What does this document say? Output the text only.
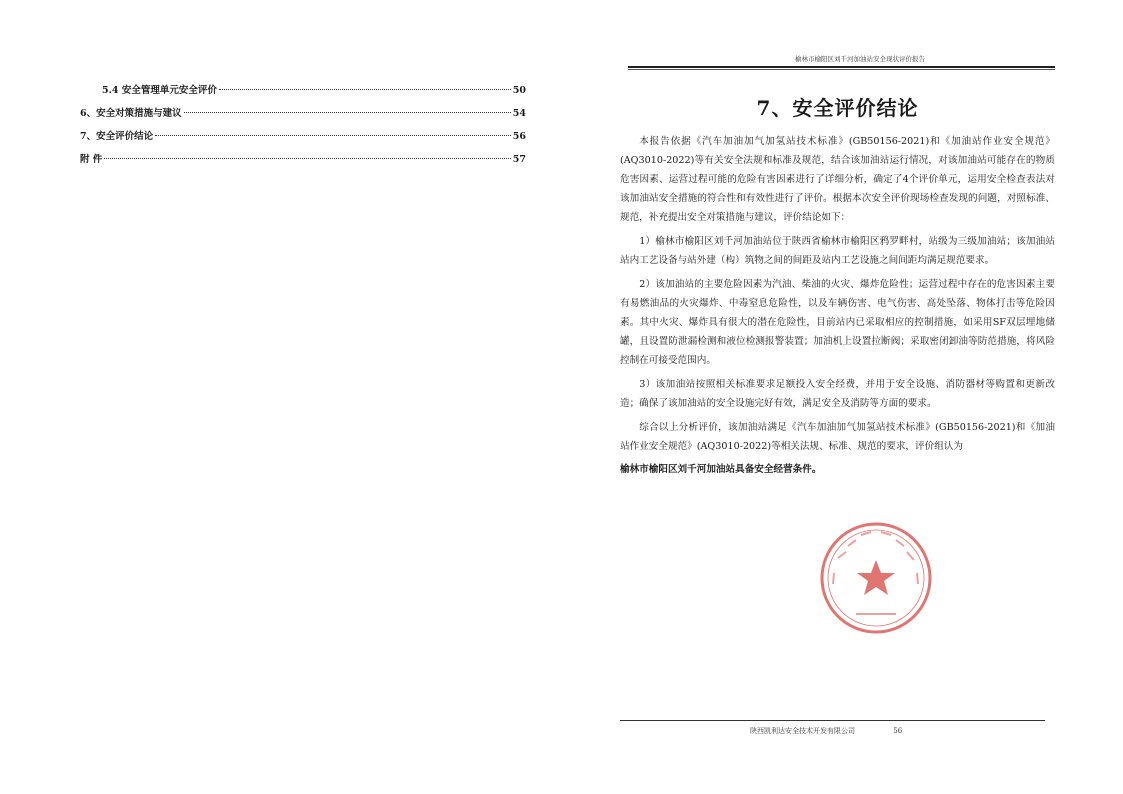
5.4 安全管理单元安全评价	50
6、安全对策措施与建议	54
7、安全评价结论	56
附 件	57
榆林市榆阳区刘千河加油站安全现状评价报告
7、安全评价结论

本报告依据《汽车加油加气加氢站技术标准》(GB50156-2021)和《加油站作业安全规范》(AQ3010-2022)等有关安全法规和标准及规范，结合该加油站运行情况，对该加油站可能存在的物质危害因素、运营过程可能的危险有害因素进行了详细分析，确定了4个评价单元，运用安全检查表法对该加油站安全措施的符合性和有效性进行了评价。根据本次安全评价现场检查发现的问题，对照标准、规范，补充提出安全对策措施与建议，评价结论如下：

1）榆林市榆阳区刘千河加油站位于陕西省榆林市榆阳区鸦罗畔村，站级为三级加油站；该加油站站内工艺设备与站外建（构）筑物之间的间距及站内工艺设施之间间距均满足规范要求。

2）该加油站的主要危险因素为汽油、柴油的火灾、爆炸危险性；运营过程中存在的危害因素主要有易燃油品的火灾爆炸、中毒窒息危险性，以及车辆伤害、电气伤害、高处坠落、物体打击等危险因素。其中火灾、爆炸具有很大的潜在危险性，目前站内已采取相应的控制措施，如采用SF双层埋地储罐，且设置防泄漏检测和液位检测报警装置；加油机上设置拉断阀；采取密闭卸油等防范措施，将风险控制在可接受范围内。

3）该加油站按照相关标准要求足额投入安全经费，并用于安全设施、消防器材等购置和更新改造；确保了该加油站的安全设施完好有效，满足安全及消防等方面的要求。

综合以上分析评价，该加油站满足《汽车加油加气加氢站技术标准》(GB50156-2021)和《加油站作业安全规范》(AQ3010-2022)等相关法规、标准、规范的要求，评价组认为

榆林市榆阳区刘千河加油站具备安全经营条件。
陕西凯利达安全技术开发有限公司	56
